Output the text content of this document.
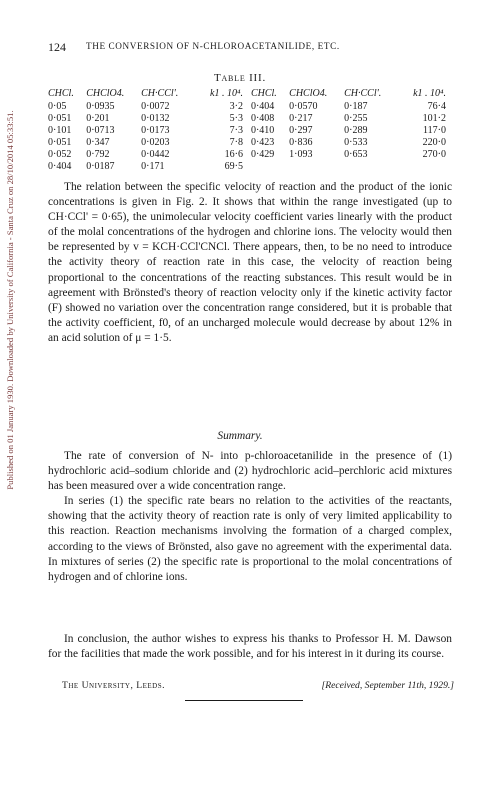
Published on 01 January 1930. Downloaded by University of California - Santa Cruz on 28/10/2014 05:33:51.
124 THE CONVERSION OF N-CHLOROACETANILIDE, ETC.
Table III.
CHCl.	CHClO4.	CH·CCl'.	k1 . 10⁴.	CHCl.	CHClO4.	CH·CCl'.	k1 . 10⁴.
0·05	0·0935	0·0072	3·2	0·404	0·0570	0·187	76·4
0·051	0·201	0·0132	5·3	0·408	0·217	0·255	101·2
0·101	0·0713	0·0173	7·3	0·410	0·297	0·289	117·0
0·051	0·347	0·0203	7·8	0·423	0·836	0·533	220·0
0·052	0·792	0·0442	16·6	0·429	1·093	0·653	270·0
0·404	0·0187	0·171	69·5				

The relation between the specific velocity of reaction and the product of the ionic concentrations is given in Fig. 2. It shows that within the range investigated (up to CH·CCl' = 0·65), the unimolecular velocity coefficient varies linearly with the product of the molal concentrations of the hydrogen and chlorine ions. The velocity would then be represented by v = KCH·CCl'CNCl. There appears, then, to be no need to introduce the activity theory of reaction rate in this case, the velocity of reaction being proportional to the concentrations of the reacting substances. This result would be in agreement with Brönsted's theory of reaction velocity only if the kinetic activity factor (F) showed no variation over the concentration range considered, but it is probable that the activity coefficient, f0, of an uncharged molecule would decrease by about 12% in an acid solution of μ = 1·5.

Summary.

The rate of conversion of N- into p-chloroacetanilide in the presence of (1) hydrochloric acid–sodium chloride and (2) hydrochloric acid–perchloric acid mixtures has been measured over a wide concentration range.

In series (1) the specific rate bears no relation to the activities of the reactants, showing that the activity theory of reaction rate is only of very limited applicability to this reaction. Reaction mechanisms involving the formation of a charged complex, according to the views of Brönsted, also gave no agreement with the experimental data. In mixtures of series (2) the specific rate is proportional to the molal concentrations of hydrogen and of chlorine ions.

In conclusion, the author wishes to express his thanks to Professor H. M. Dawson for the facilities that made the work possible, and for his interest in it during its course.

The University, Leeds.	[Received, September 11th, 1929.]
